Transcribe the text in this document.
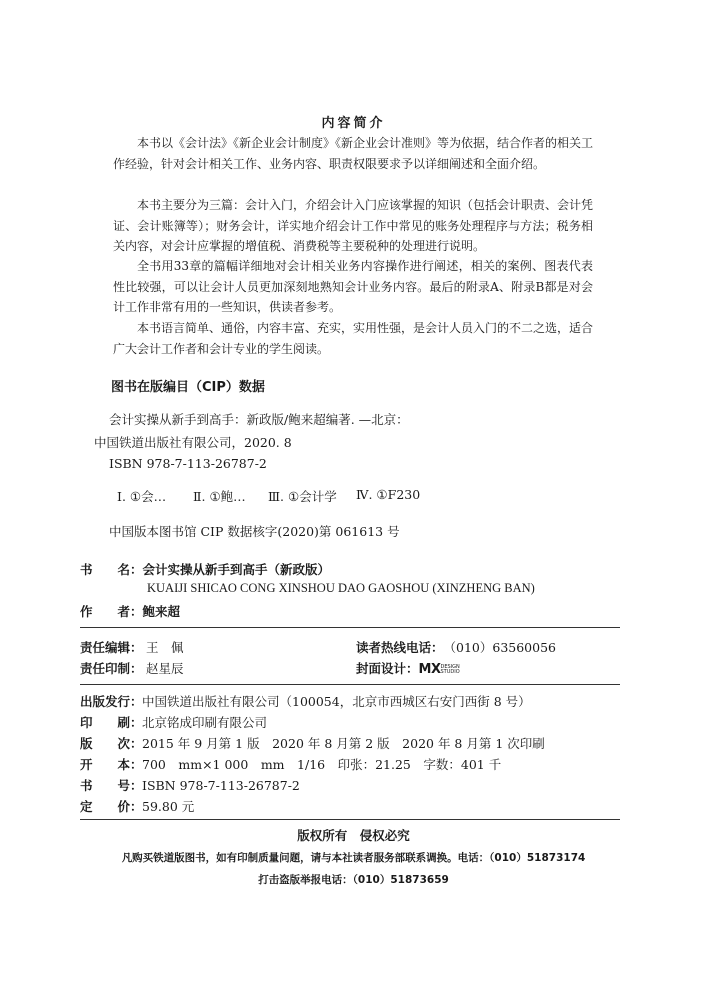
内容简介
本书以《会计法》《新企业会计制度》《新企业会计准则》等为依据，结合作者的相关工作经验，针对会计相关工作、业务内容、职责权限要求予以详细阐述和全面介绍。
本书主要分为三篇：会计入门，介绍会计入门应该掌握的知识（包括会计职责、会计凭证、会计账簿等）；财务会计，详实地介绍会计工作中常见的账务处理程序与方法；税务相关内容，对会计应掌握的增值税、消费税等主要税种的处理进行说明。
全书用33章的篇幅详细地对会计相关业务内容操作进行阐述，相关的案例、图表代表性比较强，可以让会计人员更加深刻地熟知会计业务内容。最后的附录A、附录B都是对会计工作非常有用的一些知识，供读者参考。
本书语言简单、通俗，内容丰富、充实，实用性强，是会计人员入门的不二之选，适合广大会计工作者和会计专业的学生阅读。
图书在版编目（CIP）数据
会计实操从新手到高手：新政版/鲍来超编著. —北京：
中国铁道出版社有限公司，2020. 8
ISBN 978-7-113-26787-2
Ⅰ. ①会… Ⅱ. ①鲍… Ⅲ. ①会计学 Ⅳ. ①F230
中国版本图书馆 CIP 数据核字(2020)第 061613 号
书　　名：会计实操从新手到高手（新政版）
KUAIJI SHICAO CONG XINSHOU DAO GAOSHOU (XINZHENG BAN)
作　　者：鲍来超
责任编辑： 王　佩	读者热线电话：（010）63560056
责任印制： 赵星辰	封面设计：MXDESIGN
STUDIO
出版发行：中国铁道出版社有限公司（100054，北京市西城区右安门西街 8 号）
印　　刷：北京铭成印刷有限公司
版　　次：2015 年 9 月第 1 版　2020 年 8 月第 2 版　2020 年 8 月第 1 次印刷
开　　本：700　mm×1 000　mm　1/16　印张：21.25　字数：401 千
书　　号：ISBN 978-7-113-26787-2
定　　价：59.80 元
版权所有　侵权必究
凡购买铁道版图书，如有印制质量问题，请与本社读者服务部联系调换。电话：（010）51873174
打击盗版举报电话：（010）51873659
